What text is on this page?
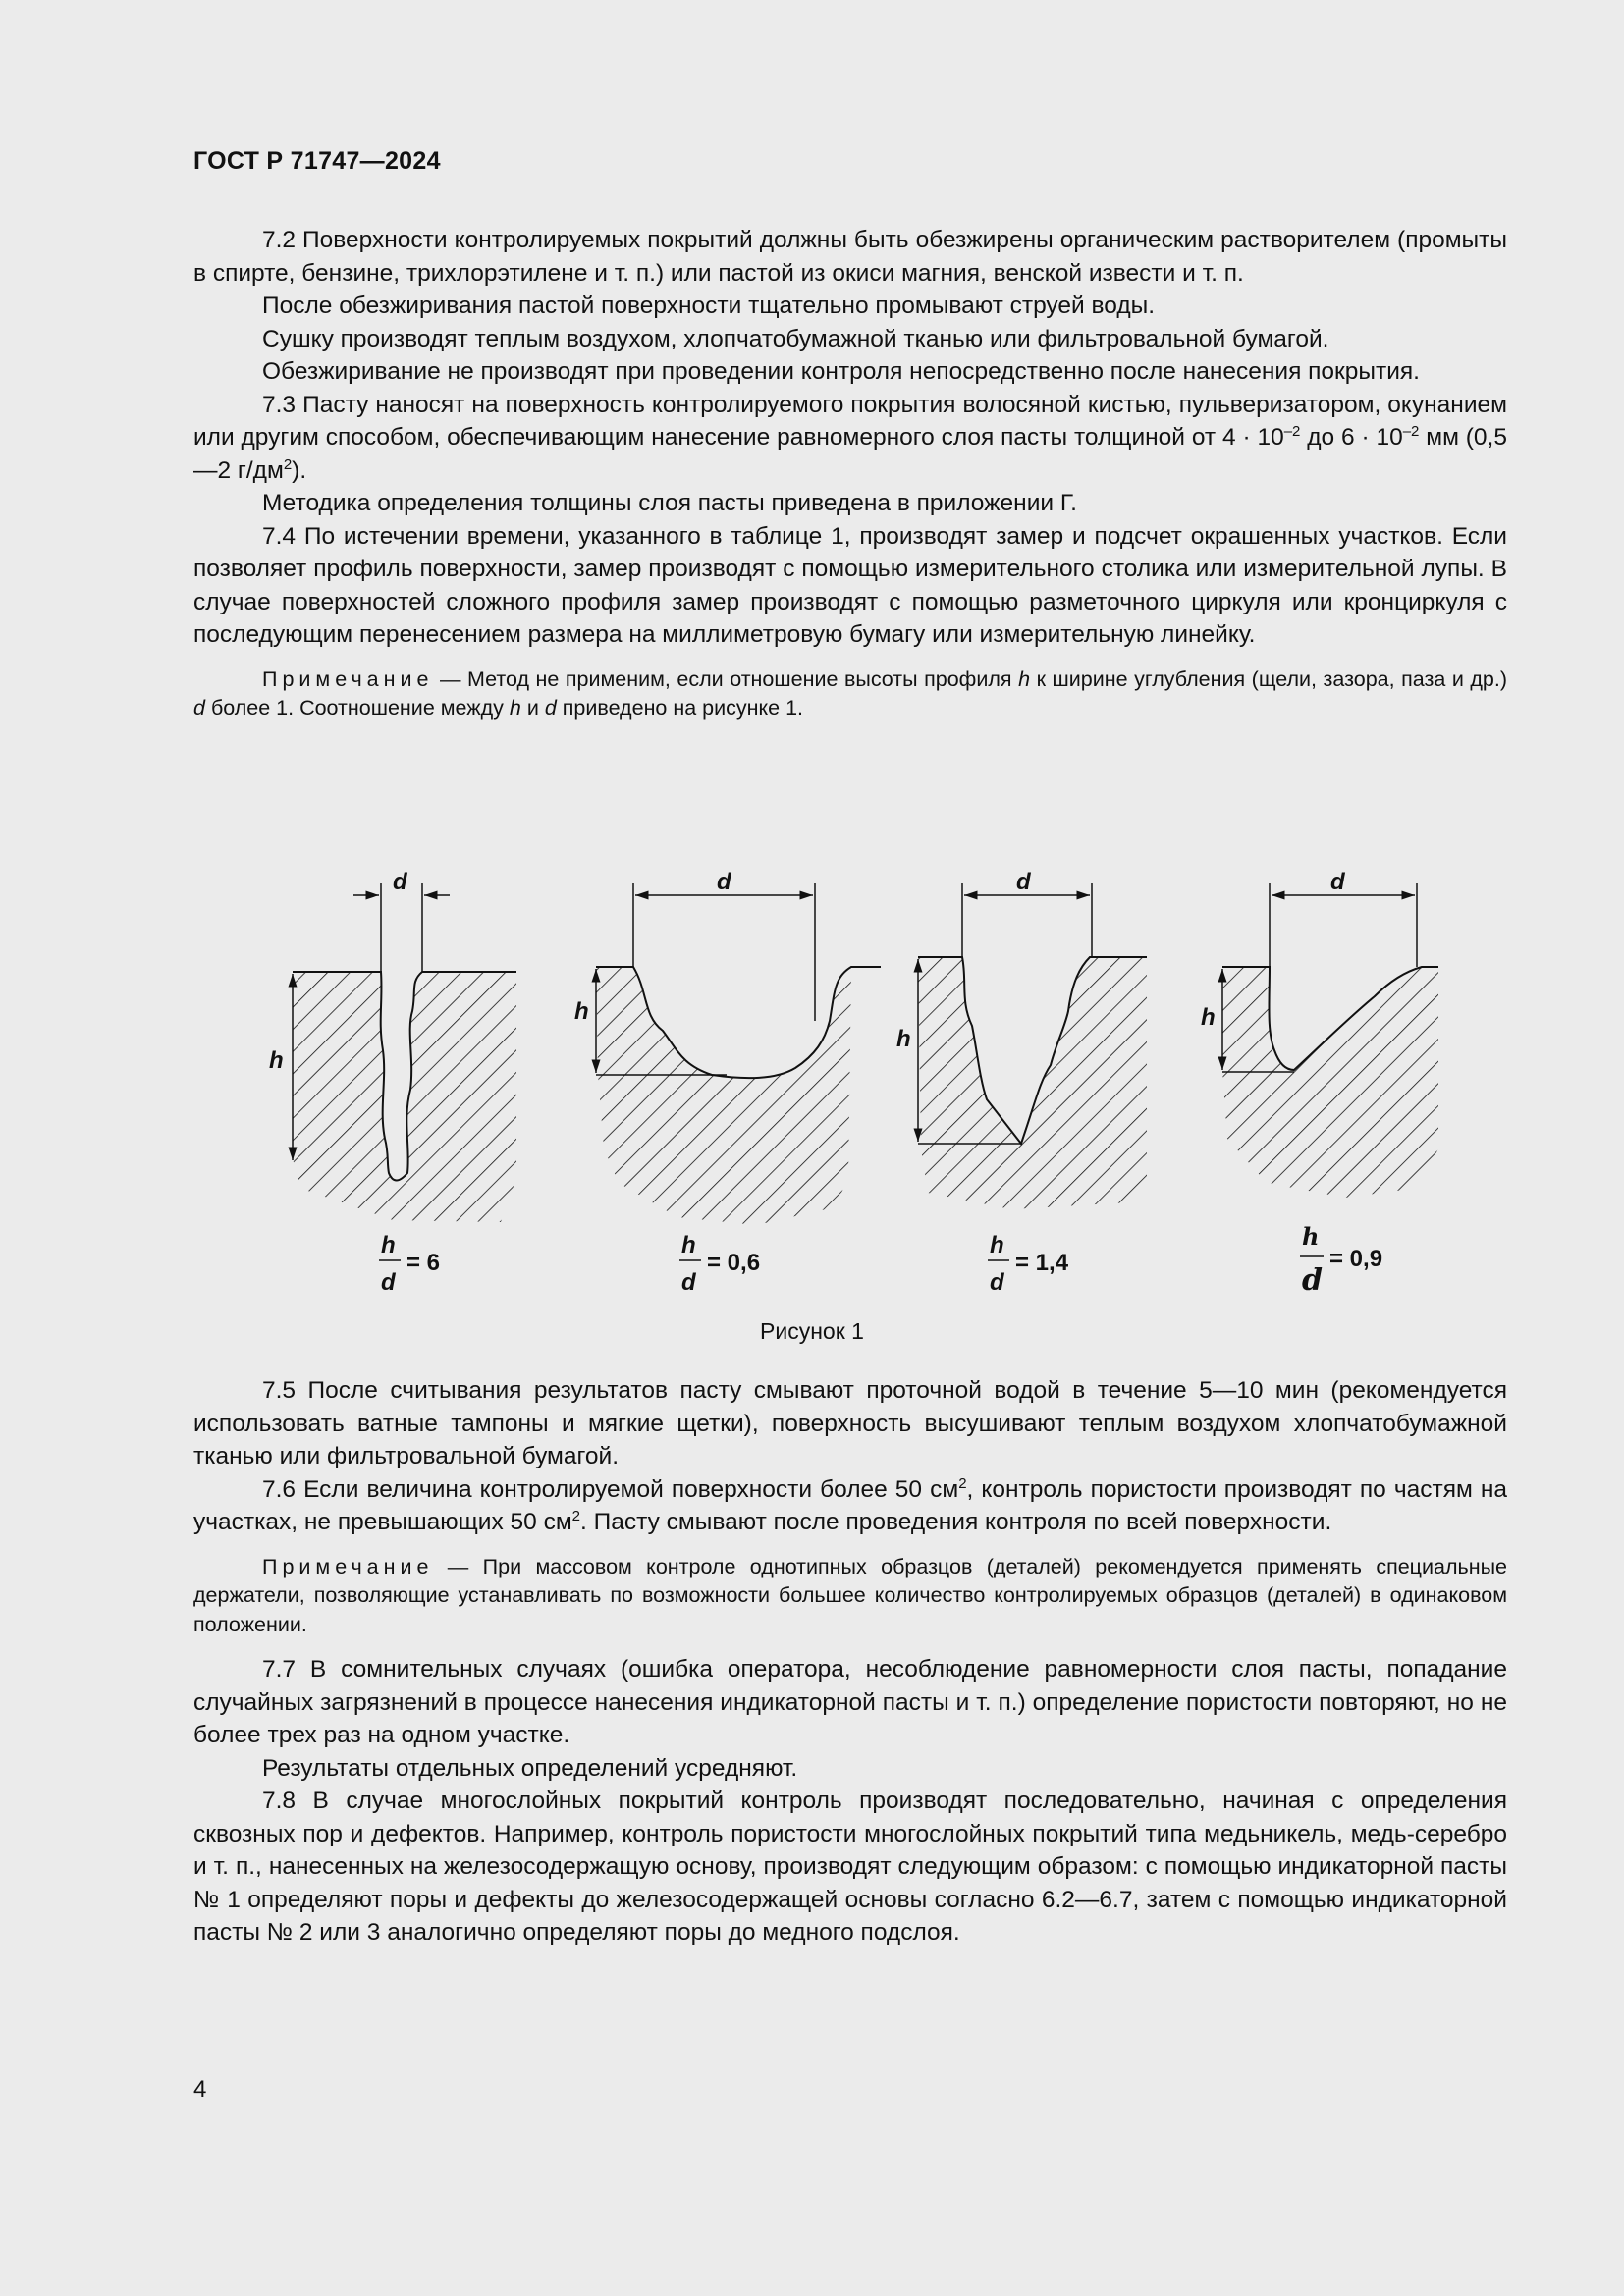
ГОСТ Р 71747—2024

7.2 Поверхности контролируемых покрытий должны быть обезжирены органическим растворителем (промыты в спирте, бензине, трихлорэтилене и т. п.) или пастой из окиси магния, венской извести и т. п.

После обезжиривания пастой поверхности тщательно промывают струей воды.

Сушку производят теплым воздухом, хлопчатобумажной тканью или фильтровальной бумагой.

Обезжиривание не производят при проведении контроля непосредственно после нанесения покрытия.

7.3 Пасту наносят на поверхность контролируемого покрытия волосяной кистью, пульверизатором, окунанием или другим способом, обеспечивающим нанесение равномерного слоя пасты толщиной от $4 \cdot 10^{-2}$ до $6 \cdot 10^{-2}$ мм (0,5—2 $г/дм^2$).

Методика определения толщины слоя пасты приведена в приложении Г.

7.4 По истечении времени, указанного в таблице 1, производят замер и подсчет окрашенных участков. Если позволяет профиль поверхности, замер производят с помощью измерительного столика или измерительной лупы. В случае поверхностей сложного профиля замер производят с помощью разметочного циркуля или кронциркуля с последующим перенесением размера на миллиметровую бумагу или измерительную линейку.

Примечание — Метод не применим, если отношение высоты профиля h к ширине углубления (щели, зазора, паза и др.) d более 1. Соотношение между h и d приведено на рисунке 1.

d
h
h
d
= 6
d
h
h
d
= 0,6
d
h
h
d
= 1,4
d
h
h
d
= 0,9
Рисунок 1

7.5 После считывания результатов пасту смывают проточной водой в течение 5—10 мин (рекомендуется использовать ватные тампоны и мягкие щетки), поверхность высушивают теплым воздухом хлопчатобумажной тканью или фильтровальной бумагой.

7.6 Если величина контролируемой поверхности более 50 $см^2$, контроль пористости производят по частям на участках, не превышающих 50 $см^2$. Пасту смывают после проведения контроля по всей поверхности.

Примечание — При массовом контроле однотипных образцов (деталей) рекомендуется применять специальные держатели, позволяющие устанавливать по возможности большее количество контролируемых образцов (деталей) в одинаковом положении.

7.7 В сомнительных случаях (ошибка оператора, несоблюдение равномерности слоя пасты, попадание случайных загрязнений в процессе нанесения индикаторной пасты и т. п.) определение пористости повторяют, но не более трех раз на одном участке.

Результаты отдельных определений усредняют.

7.8 В случае многослойных покрытий контроль производят последовательно, начиная с определения сквозных пор и дефектов. Например, контроль пористости многослойных покрытий типа медьникель, медь-серебро и т. п., нанесенных на железосодержащую основу, производят следующим образом: с помощью индикаторной пасты № 1 определяют поры и дефекты до железосодержащей основы согласно 6.2—6.7, затем с помощью индикаторной пасты № 2 или 3 аналогично определяют поры до медного подслоя.

4
